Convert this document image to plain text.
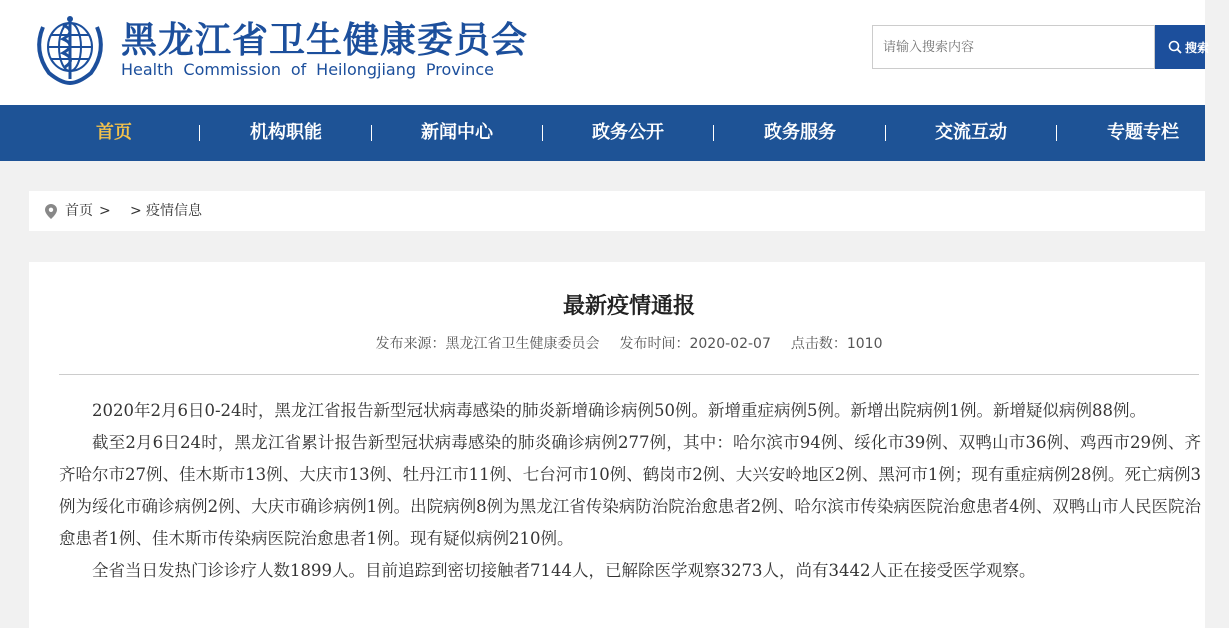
黑龙江省卫生健康委员会
Health Commission of Heilongjiang Province
请输入搜索内容
搜索
首页	机构职能	新闻中心	政务公开	政务服务	交流互动	专题专栏
首页 > > 疫情信息
最新疫情通报
发布来源：黑龙江省卫生健康委员会 发布时间：2020-02-07 点击数：1010

2020年2月6日0-24时，黑龙江省报告新型冠状病毒感染的肺炎新增确诊病例50例。新增重症病例5例。新增出院病例1例。新增疑似病例88例。

截至2月6日24时，黑龙江省累计报告新型冠状病毒感染的肺炎确诊病例277例，其中：哈尔滨市94例、绥化市39例、双鸭山市36例、鸡西市29例、齐齐哈尔市27例、佳木斯市13例、大庆市13例、牡丹江市11例、七台河市10例、鹤岗市2例、大兴安岭地区2例、黑河市1例；现有重症病例28例。死亡病例3例为绥化市确诊病例2例、大庆市确诊病例1例。出院病例8例为黑龙江省传染病防治院治愈患者2例、哈尔滨市传染病医院治愈患者4例、双鸭山市人民医院治愈患者1例、佳木斯市传染病医院治愈患者1例。现有疑似病例210例。

全省当日发热门诊诊疗人数1899人。目前追踪到密切接触者7144人，已解除医学观察3273人，尚有3442人正在接受医学观察。
